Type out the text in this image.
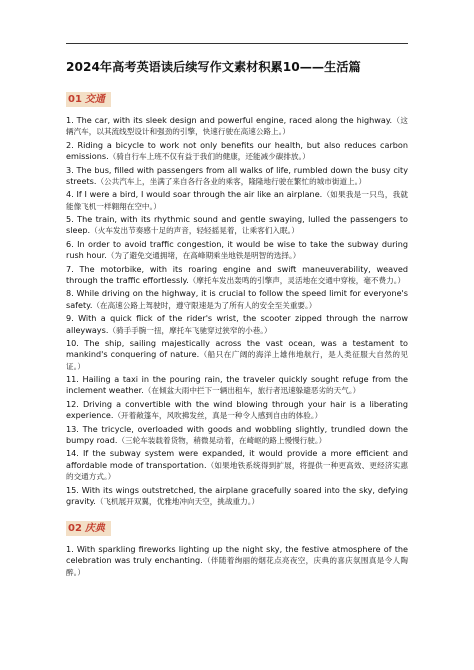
2024年高考英语读后续写作文素材积累10——生活篇
01 交通

1. The car, with its sleek design and powerful engine, raced along the highway.（这辆汽车，以其流线型设计和强劲的引擎，快速行驶在高速公路上。）

2. Riding a bicycle to work not only benefits our health, but also reduces carbon emissions.（骑自行车上班不仅有益于我们的健康，还能减少碳排放。）

3. The bus, filled with passengers from all walks of life, rumbled down the busy city streets.（公共汽车上，坐满了来自各行各业的乘客，隆隆地行驶在繁忙的城市街道上。）

4. If I were a bird, I would soar through the air like an airplane.（如果我是一只鸟，我就能像飞机一样翱翔在空中。）

5. The train, with its rhythmic sound and gentle swaying, lulled the passengers to sleep.（火车发出节奏感十足的声音，轻轻摇晃着，让乘客们入眠。）

6. In order to avoid traffic congestion, it would be wise to take the subway during rush hour.（为了避免交通拥堵，在高峰期乘坐地铁是明智的选择。）

7. The motorbike, with its roaring engine and swift maneuverability, weaved through the traffic effortlessly.（摩托车发出轰鸣的引擎声，灵活地在交通中穿梭，毫不费力。）

8. While driving on the highway, it is crucial to follow the speed limit for everyone's safety.（在高速公路上驾驶时，遵守限速是为了所有人的安全至关重要。）

9. With a quick flick of the rider's wrist, the scooter zipped through the narrow alleyways.（骑手手腕一扭，摩托车飞驰穿过狭窄的小巷。）

10. The ship, sailing majestically across the vast ocean, was a testament to mankind's conquering of nature.（船只在广阔的海洋上雄伟地航行，是人类征服大自然的见证。）

11. Hailing a taxi in the pouring rain, the traveler quickly sought refuge from the inclement weather.（在倾盆大雨中拦下一辆出租车，旅行者迅速躲避恶劣的天气。）

12. Driving a convertible with the wind blowing through your hair is a liberating experience.（开着敞篷车，风吹拂发丝，真是一种令人感到自由的体验。）

13. The tricycle, overloaded with goods and wobbling slightly, trundled down the bumpy road.（三轮车装载着货物，稍微晃动着，在崎岖的路上慢慢行驶。）

14. If the subway system were expanded, it would provide a more efficient and affordable mode of transportation.（如果地铁系统得到扩展，将提供一种更高效、更经济实惠的交通方式。）

15. With its wings outstretched, the airplane gracefully soared into the sky, defying gravity.（飞机展开双翼，优雅地冲向天空，挑战重力。）

02 庆典

1. With sparkling fireworks lighting up the night sky, the festive atmosphere of the celebration was truly enchanting.（伴随着绚丽的烟花点亮夜空，庆典的喜庆氛围真是令人陶醉。）
